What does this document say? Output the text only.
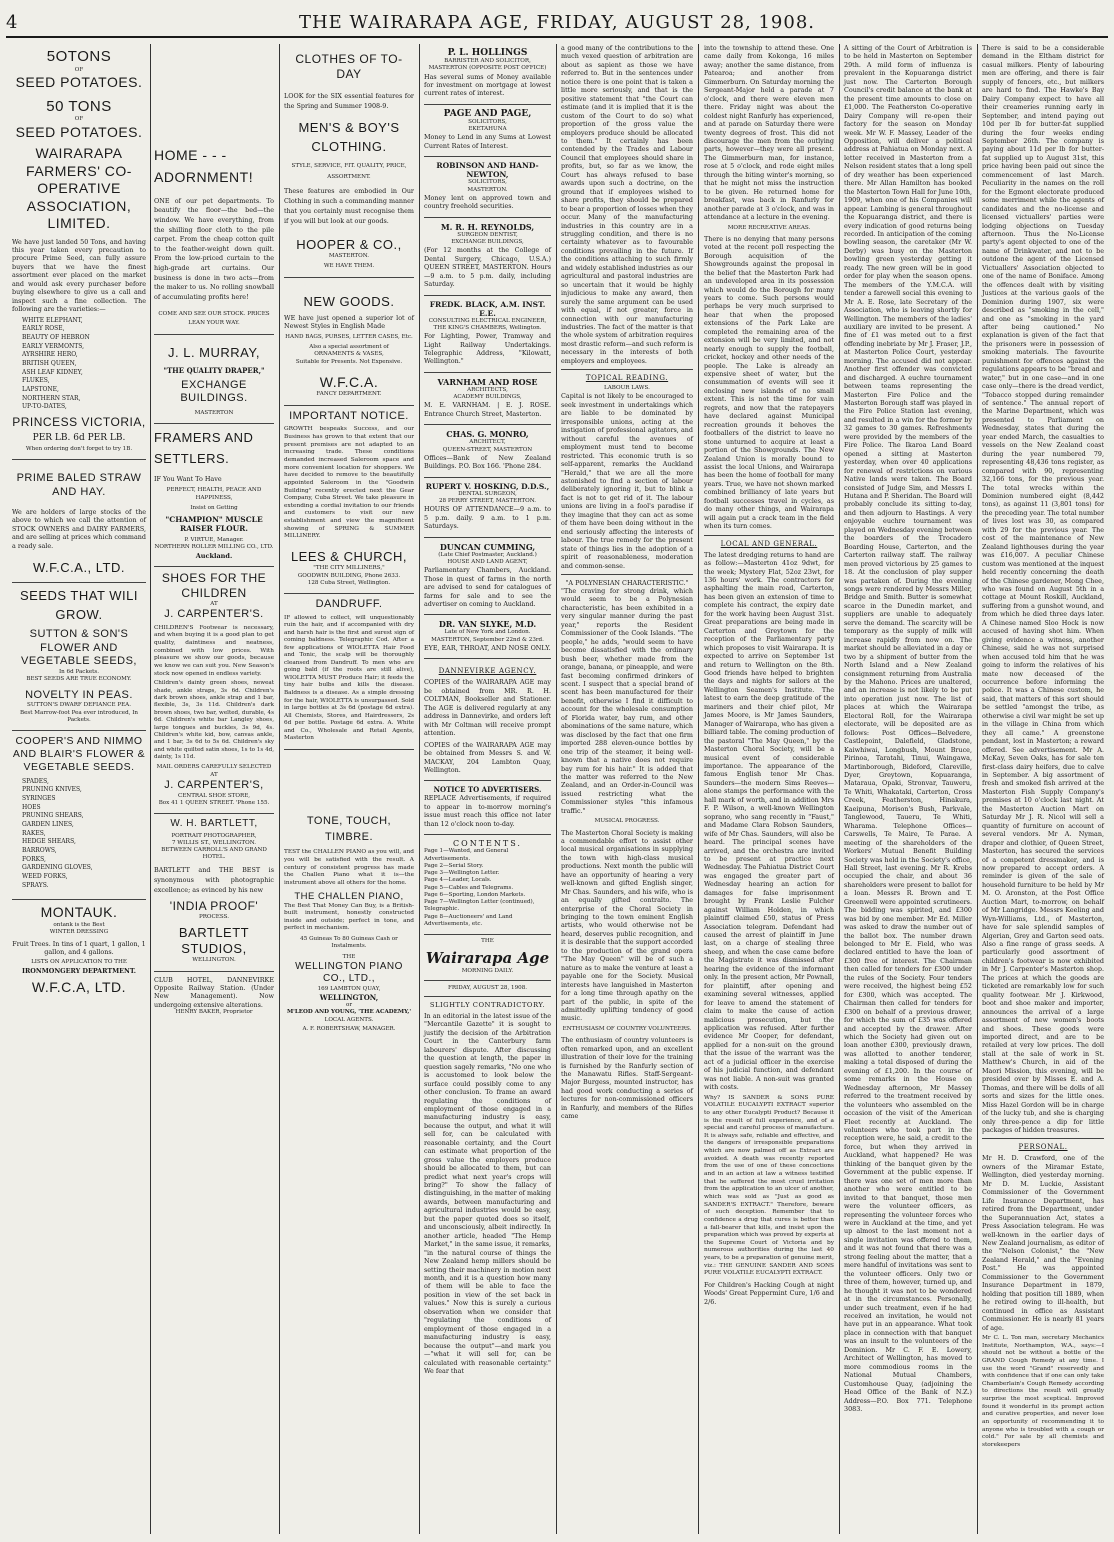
4	THE WAIRARAPA AGE, FRIDAY, AUGUST 28, 1908.
5OTONS
OF
SEED POTATOES.
50 TONS
OF
SEED POTATOES.
WAIRARAPA FARMERS' CO-OPERATIVE ASSOCIATION, LIMITED.
We have just landed 50 Tons, and having this year taken every precaution to procure Prime Seed, can fully assure buyers that we have the finest assortment ever placed on the market and would ask every purchaser before buying elsewhere to give us a call and inspect such a fine collection. The following are the varieties:—
WHITE ELEPHANT,
EARLY ROSE,
BEAUTY OF HEBRON
EARLY VERMONTS,
AYRSHIRE HERO,
BRITISH QUEEN,
ASH LEAF KIDNEY,
FLUKES,
LAPSTONE,
NORTHERN STAR,
UP-TO-DATES,
PRINCESS VICTORIA,
PER LB. 6d PER LB.
When ordering don't forget to try 1B.
PRIME BALED STRAW AND HAY.
We are holders of large stocks of the above to which we call the attention of STOCK OWNERS and DAIRY FARMERS, and are selling at prices which command a ready sale.
W.F.C.A., LTD.
SEEDS THAT WILI GROW.
SUTTON & SON'S FLOWER AND VEGETABLE SEEDS,
In 6d Packets.
BEST SEEDS ARE TRUE ECONOMY.
NOVELTY IN PEAS.
SUTTON'S DWARF DEFIANCE PEA.
Best Marrow-foot Pea ever introduced, In Packets.
COOPER'S AND NIMMO AND BLAIR'S FLOWER & VEGETABLE SEEDS.
SPADES,
PRUNING KNIVES,
SYRINGES
HOES
PRUNING SHEARS,
GARDEN LINES,
RAKES,
HEDGE SHEARS,
BARROWS,
FORKS,
GARDENING GLOVES,
WEED FORKS,
SPRAYS.
MONTAUK.
ontank is the Best
WINTER DRESSING
Fruit Trees. In tins of 1 quart, 1 gallon, 1 gallon, and 4 gallons.
LISTS ON APPLICATION TO THE
IRONMONGERY DEPARTMENT.
W.F.C.A, LTD.
HOME - - - ADORNMENT!
ONE of our pet departments. To beautify the floor—the bed—the window. We have everything, from the shilling floor cloth to the pile carpet. From the cheap cotton quilt to the feather-weight down quilt. From the low-priced curtain to the high-grade art curtains. Our business is done in two acts—from the maker to us. No rolling snowball of accumulating profits here!
COME AND SEE OUR STOCK. PRICES LEAN YOUR WAY.
J. L. MURRAY,
"THE QUALITY DRAPER,"
EXCHANGE BUILDINGS.
MASTERTON
FRAMERS AND SETTLERS.
IF You Want To Have
PERFECT, HEALTH, PEACE AND HAPPINESS,
Insist on Getting
"CHAMPION" MUSCLE RAISER FLOUR.
P. VIRTUE, Manager.
NORTHERN ROLLER MILLING CO., LTD.
Auckland.
SHOES FOR THE CHILDREN
AT
J. CARPENTER'S.
CHILDREN'S Footwear is necessary, and when buying it is a good plan to get quality, daintiness and neatness, combined with low prices. With pleasure we show our goods, because we know we can suit you. New Season's stock now opened in endless variety.
Children's dainty green shoes, neweat shade, ankle straps, 3s 6d. Children's dark brown shoes, ankle strap and 1 bar, flexible, 3s, 3s 11d. Children's dark brown shoes, two bar, welted, durable, 4s 6d. Children's white bar Langley shoes, large tongues and buckles, 3s 9d, 4s. Children's white kid, bow, canvas ankle, and 1 bar, 3s 6d to 5s 6d. Children's sky and white quilted satin shoes, 1s to 1s 4d, dainty, 1s 11d.
MAIL ORDERS CAREFULLY SELECTED AT
J. CARPENTER'S,
CENTRAL SHOE STORE,
Box 41 1 QUEEN STREET. 'Phone 155.
W. H. BARTLETT,
PORTRAIT PHOTOGRAPHER,
7 WILLIS ST., WELLINGTON.
BETWEEN CARROLL'S AND GRAND HOTEL.
BARTLETT and THE BEST is synonymous with photographic excellence; as evinced by his new
'INDIA PROOF'
PROCESS.
BARTLETT STUDIOS,
WELLINGTON.
CLUB HOTEL, DANNEVIRKE Opposite Railway Station. (Under New Management). Now undergoing extensive alterations.
HENRY BAKER, Proprietor
CLOTHES OF TO-DAY
LOOK for the SIX essential features for the Spring and Summer 1908-9.
MEN'S & BOY'S CLOTHING.
STYLE, SERVICE, FIT. QUALITY, PRICE, ASSORTMENT.
These features are embodied in Our Clothing in such a commanding manner that you certainly must recognise them if you will but look at our goods.
HOOPER & CO.,
MASTERTON.
WE HAVE THEM.
NEW GOODS.
WE have just opened a superior lot of Newest Styles in English Made
HAND BAGS, PURSES, LETTER CASES, Etc.
Also a special assortment of
ORNAMENTS & VASES,
Suitable for Presents. Not Expensive.
W.F.C.A.
FANCY DEPARTMENT.
IMPORTANT NOTICE.
GROWTH bespeaks Success, and our Business has grown to that extent that our present premises are not adapted to an increasing trade. These conditions demanded increased Saleroom space and more convenient location for shoppers. We have decided to remove to the beautifully appointed Saleroom in the "Goodwin Building" recently erected next the Gear Company, Cuba Street. We take pleasure in extending a cordial invitation to our friends and customers to visit our new establishment and view the magnificent showing of SPRING & SUMMER MILLINERY.
LEES & CHURCH,
"THE CITY MILLINERS,"
GOODWIN BUILDING, Phone 2633.
128 Cuba Street, Wellington.
DANDRUFF.
IF allowed to collect, will unquestionably ruin the hair, and if accompanied with dry and harsh hair is the first and surest sign of coming baldness. Telegraphic Cod. After a few applications of WIOLETTA Hair Food and Tonic, the scalp will be thoroughly cleansed from Dandruff. To men who are going bald (if the roots are still alive), WIOLETTA MUST Produce Hair; it feeds the tiny hair bulbs and kills the disease. Baldness is a disease. As a simple dressing for the hair, WIOLETTA is unsurpassed. Sold in large bottles at 3s 6d (postage 6d extra). All Chemists, Stores, and Hairdressers, 2s 6d per bottle. Postage 6d extra. A. White and Co., Wholesale and Retail Agents, Masterton
TONE, TOUCH, TIMBRE.
TEST the CHALLEN PIANO as you will, and you will be satisfied with the result. A century of consistent progress has made the Challen Piano what it is—the instrument above all others for the home.
THE CHALLEN PIANO,
The Best That Money Can Buy, is a British-built instrument, honestly constructed inside and outside; perfect in tone, and perfect in mechanism.
45 Guineas To 80 Guineas Cash or Instalments.
THE
WELLINGTON PIANO CO., LTD.,
169 LAMBTON QUAY,
WELLINGTON,
or
M'LEOD AND YOUNG, 'THE ACADEMY,'
LOCAL AGENTS.
A. F. ROBERTSHAW, MANAGER.
P. L. HOLLINGS
BARRISTER AND SOLICITOR,
MASTERTON (OPPOSITE POST OFFICE)
Has several sums of Money available for investment on mortgage at lowest current rates of interest.
PAGE AND PAGE,
SOLICITORS,
EKETAHUNA
Money to Lend in any Sums at Lowest Current Rates of Interest.
ROBINSON AND HAND-NEWTON,
SOLICITORS,
MASTERTON.
Money lent on approved town and country freehold securities.
M. R. H. REYNOLDS,
SURGEON DENTIST,
EXCHANGE BUILDINGS,
(For 12 months at the College of Dental Surgery, Chicago, U.S.A.) QUEEN STREET, MASTERTON. Hours—9 a.m. to 5 p.m. daily, including Saturday.
FREDK. BLACK, A.M. INST. E.E.
CONSULTING ELECTRICAL ENGINEER,
THE KING'S CHAMBERS, Wellington.
For Lighting, Power, Tramway and Light Railway Undertakings. Telegraphic Address, "Kilowatt, Wellington."
VARNHAM AND ROSE
ARCHITECTS,
ACADEMY BUILDINGS,
M. E. VARNHAM. | E. J. ROSE. Entrance Church Street, Masterton.
CHAS. G. MONRO,
ARCHITECT,
QUEEN-STREET, MASTERTON
Offices—Bank of New Zealand Buildings. P.O. Box 166. 'Phone 284.
RUPERT V. HOSKING, D.D.S.,
DENTAL SURGEON,
28 PERRY STREET, MASTERTON.
HOURS OF ATTENDANCE—9 a.m. to 5 p.m. daily. 9 a.m. to 1 p.m. Saturdays.
DUNCAN CUMMING,
(Late Chief Postmaster, Auckland.)
HOUSE AND LAND AGENT,
Parliamentary Chambers, Auckland. Those in quest of farms in the north are advised to send for catalogues of farms for sale and to see the advertiser on coming to Auckland.
DR. VAN SLYKE, M.D.
Late of New York and London.
MASTERTON, September 22nd & 23rd.
EYE, EAR, THROAT, AND NOSE ONLY.
DANNEVIRKE AGENCY.
COPIES of the WAIRARAPA AGE may be obtained from MR. R. H. COLTMAN, Bookseller and Stationer. The AGE is delivered regularly at any address in Dannevirke, and orders left with Mr Coltman will receive prompt attention.
COPIES of the WAIRARAPA AGE may be obtained from Messrs S. and W. MACKAY, 204 Lambton Quay, Wellington.
NOTICE TO ADVERTISERS.
REPLACE Advertisements, if required to appear in to-morrow morning's issue must reach this office not later than 12 o'clock noon to-day.
CONTENTS.
Page 1—Wanted, and General Advertisements.
Page 2—Serial Story.
Page 3—Wellington Letter.
Page 4—Leader, Locals.
Page 5—Cables and Telegrams.
Page 6—Sporting, London Markets.
Page 7—Wellington Letter (continued), Telegraphic.
Page 8—Auctioneers' and Land Advertisements, etc.
THE
Wairarapa Age
MORNING DAILY.
FRIDAY, AUGUST 28, 1908.
SLIGHTLY CONTRADICTORY.
In an editorial in the latest issue of the "Mercantile Gazette" it is sought to justify the decision of the Arbitration Court in the Canterbury farm labourers' dispute. After discussing the question at length, the paper in question sagely remarks, "No one who is accustomed to look below the surface could possibly come to any other conclusion. To frame an award regulating the conditions of employment of those engaged in a manufacturing industry is easy, because the output, and what it will sell for, can be calculated with reasonable certainty, and the Court can estimate what proportion of the gross value the employers produce should be allocated to them, but can predict what next year's crops will bring?" To show the fallacy of distinguishing, in the matter of making awards, between manufacturing and agricultural industries would be easy, but the paper quoted does so itself, and unconsciously, albeit indirectly. In another article, headed "The Hemp Market," in the same issue, it remarks, "in the natural course of things the New Zealand hemp millers should be setting their machinery in motion next month, and it is a question how many of them will be able to face the position in view of the set back in values." Now this is surely a curious observation when we consider that "regulating the conditions of employment of those engaged in a manufacturing industry is easy, because the output"—and mark you—"what it will sell for, can be calculated with reasonable certainty." We fear that

a good many of the contributions to the much vexed question of arbitration are about as sapient as those we have referred to. But in the sentences under notice there is one point that is taken a little more seriously, and that is the positive statement that "the Court can estimate (and it is implied that it is the custom of the Court to do so) what proportion of the gross value the employers produce should be allocated to them." It certainly has been contended by the Trades and Labour Council that employees should share in profits, but, so far as we know, the Court has always refused to base awards upon such a doctrine, on the ground that if employees wished to share profits, they should be prepared to bear a proportion of losses when they occur. Many of the manufacturing industries in this country are in a struggling condition, and there is no certainty whatever as to favourable conditions prevailing in the future. If the conditions attaching to such firmly and widely established industries as our agricultural and pastoral industries are so uncertain that it would be highly injudicious to make any award, then surely the same argument can be used with equal, if not greater, force in connection with our manufacturing industries. The fact of the matter is that the whole system of arbitration requires most drastic reform—and such reform is necessary in the interests of both employers and employees.

TOPICAL READING.
LABOUR LAWS.

Capital is not likely to be encouraged to seek investment in undertakings which are liable to be dominated by irresponsible unions, acting at the instigation of professional agitators, and without careful the avenues of employment must tend to become restricted. This economic truth is so self-apparent, remarks the Auckland "Herald," that we are all the more astonished to find a section of labour deliberately ignoring it, but to blink a fact is not to get rid of it. The labour unions are living in a fool's paradise if they imagine that they can act as some of them have been doing without in the end seriously affecting the interests of labour. The true remedy for the present state of things lies in the adoption of a spirit of reasonableness, moderation and common-sense.

"A POLYNESIAN CHARACTERISTIC."

"The craving for strong drink, which would seem to be a Polynesian characteristic, has been exhibited in a very singular manner during the past year," reports the Resident Commissioner of the Cook Islands. "The people," he adds, "would seem to have become dissatisfied with the ordinary bush beer, whether made from the orange, banana, or pineapple, and were fast becoming confirmed drinkers of scent. I suspect that a special brand of scent has been manufactured for their benefit, otherwise I find it difficult to account for the wholesale consumption of Florida water, bay rum, and other abominations of the same nature, which was disclosed by the fact that one firm imported 288 eleven-ounce bottles by one trip of the steamer, it being well-known that a native does not require bay rum for his hair." It is added that the matter was referred to the New Zealand, and an Order-in-Council was issued restricting what the Commissioner styles "this infamous traffic."

MUSICAL PROGRESS.

The Masterton Choral Society is making a commendable effort to assist other local musical organisations in supplying the town with high-class musical productions. Next month the public will have an opportunity of hearing a very well-known and gifted English singer, Mr Chas. Saunders, and his wife, who is an equally gifted contralto. The enterprise of the Choral Society in bringing to the town eminent English artists, who would otherwise not be heard, deserves public recognition, and it is desirable that the support accorded to the production of the grand opera "The May Queen" will be of such a nature as to make the venture at least a payable one for the Society. Musical interests have languished in Masterton for a long time through apathy on the part of the public, in spite of the admittedly uplifting tendency of good music.

ENTHUSIASM OF COUNTRY VOLUNTEERS.

The enthusiasm of country volunteers is often remarked upon, and an excellent illustration of their love for the training is furnished by the Ranfurly section of the Manawatu Rifles. Staff-Sergeant-Major Burgess, mounted instructor, has had good work conducting a series of lectures for non-commissioned officers in Ranfurly, and members of the Rifles came

into the township to attend these. One came daily from Kokonga, 16 miles away; another the same distance, from Patearoa; and another from Gimmerburn. On Saturday morning the Sergeant-Major held a parade at 7 o'clock, and there were eleven men there. Friday night was about the coldest night Ranfurly has experienced, and at parade on Saturday there were twenty degrees of frost. This did not discourage the men from the outlying parts, however—they were all present. The Gimmerburn man, for instance, rose at 5 o'clock, and rode eight miles through the biting winter's morning, so that he might not miss the instruction to be given. He returned home for breakfast, was back in Ranfurly for another parade at 3 o'clock, and was in attendance at a lecture in the evening.

MORE RECREATIVE AREAS.

There is no denying that many persons voted at the recent poll respecting the Borough acquisition of the Showgrounds against the proposal in the belief that the Masterton Park had an undeveloped area in its possession which would do the Borough for many years to come. Such persons would perhaps be very much surprised to hear that when the proposed extensions of the Park Lake are completed the remaining area of the extension will be very limited, and not nearly enough to supply the football, cricket, hockey and other needs of the people. The Lake is already an expensive sheet of water, but the consummation of events will see it enclosing new islands of no small extent. This is not the time for vain regrets, and now that the ratepayers have declared against Municipal recreation grounds it behoves the footballers of the district to leave no stone unturned to acquire at least a portion of the Showgrounds. The New Zealand Union is morally bound to assist the local Unions, and Wairarapa has been the home of football for many years. True, we have not shown marked combined brilliancy of late years but football successes travel in cycles, as do many other things, and Wairarapa will again put a crack team in the field when its turn comes.

LOCAL AND GENERAL.

The latest dredging returns to hand are as follow:—Masterton 41oz 9dwt, for the week; Mystery Flat, 52oz 23wt, for 136 hours' work. The contractors for asphalting the main road, Carterton, has been given an extension of time to complete his contract, the expiry date for the work having been August 31st. Great preparations are being made in Carterton and Greytown for the reception of the Parliamentary party which proposes to visit Wairarapa. It is expected to arrive on September 1st and return to Wellington on the 8th. Good friends have helped to brighten the days and nights for sailors at the Wellington Seamen's Institute. The latest to earn the deep gratitude of the mariners and their chief pilot, Mr James Moore, is Mr James Saunders, Manager of Wairarapa, who has given a billiard table. The coming production of the pastoral "The May Queen," by the Masterton Choral Society, will be a musical event of considerable importance. The appearance of the famous English tenor Mr Chas. Saunders—the modern Sims Reeves—alone stamps the performance with the hall mark of worth, and in addition Mrs F. P. Wilson, a well-known Wellington soprano, who sang recently in "Faust," and Madame Clara Robson Saunders, wife of Mr Chas. Saunders, will also be heard. The principal scenes have arrived, and the orchestra are invited to be present at practice next Wednesday. The Pahiatua District Court was engaged the greater part of Wednesday hearing an action for damages for false imprisonment brought by Frank Leslie Fulcher against William Holden, in which plaintiff claimed £50, status of Press Association telegram. Defendant had caused the arrest of plaintiff in June last, on a charge of stealing three sheep, and when the case came before the Magistrate it was dismissed after hearing the evidence of the informant only. In the present action, Mr Pownall, for plaintiff, after opening and examining several witnesses, applied for leave to amend the statement of claim to make the cause of action malicious prosecution, but the application was refused. After further evidence Mr Cooper, for defendant, applied for a non-suit on the ground that the issue of the warrant was the act of a judicial officer in the exercise of his judicial function, and defendant was not liable. A non-suit was granted with costs.

Why? IS SANDER & SONS PURE VOLATILE EUCALYPTI EXTRACT superior to any other Eucalypti Product? Because it is the result of full experience, and of a special and careful process of manufacture. It is always safe, reliable and effective, and the dangers of irresponsible preparations which are now palmed off as Extract are avoided. A death was recently reported from the use of one of these concoctions and in an action at law a witness testified that he suffered the most cruel irritation from the application to an ulcer of another, which was sold as "Just as good as SANDER'S EXTRACT." Therefore, beware of such deception. Remember that to confidence a drug that cures is better than a fall-bearer that kills, and insist upon the preparation which was proved by experts at the Supreme Court of Victoria and by numerous authorities during the last 40 years, to be a preparation of genuine merit, viz.: THE GENUINE SANDER AND SONS PURE VOLATILE EUCALYPTI EXTRACT.

For Children's Hacking Cough at night Woods' Great Peppermint Cure, 1/6 and 2/6.

A sitting of the Court of Arbitration is to be held in Masterton on September 29th. A mild form of influenza is prevalent in the Kopuaranga district just now. The Carterton Borough Council's credit balance at the bank at the present time amounts to close on £1,000. The Featherston Co-operative Dairy Company will re-open their factory for the season on Monday week. Mr W. F. Massey, Leader of the Opposition, will deliver a political address at Pahiatua on Monday next. A letter received in Masterton from a Nelson resident states that a long spell of dry weather has been experienced there. Mr Allan Hamilton has booked the Masterton Town Hall for June 10th, 1909, when one of his Companies will appear. Lambing is general throughout the Kopuaranga district, and there is every indication of good returns being recorded. In anticipation of the coming bowling season, the caretaker (Mr W. Derby) was busy on the Masterton bowling green yesterday getting it ready. The new green will be in good order for play when the season opens. The members of the Y.M.C.A. will tender a farewell social this evening to Mr A. E. Rose, late Secretary of the Association, who is leaving shortly for Wellington. The members of the ladies' auxiliary are invited to be present. A fine of £1 was meted out to a first offending inebriate by Mr J. Fraser, J.P., at Masterton Police Court, yesterday morning. The accused did not appear. Another first offender was convicted and discharged. A euchre tournament between teams representing the Masterton Fire Police and the Masterton Borough staff was played in the Fire Police Station last evening, and resulted in a win for the former by 32 games to 30 games. Refreshments were provided by the members of the Fire Police. The Ikaroa Land Board opened a sitting at Masterton yesterday, when over 40 applications for renewal of restrictions on various Native lands were taken. The Board consisted of Judge Sim, and Messrs I. Hutana and P. Sheridan. The Board will probably conclude its sitting to-day, and then adjourn to Hastings. A very enjoyable euchre tournament was played on Wednesday evening between the boarders of the Trocadero Boarding House, Carterton, and the Carterton railway staff. The railway men proved victorious by 25 games to 18. At the conclusion of play supper was partaken of. During the evening songs were rendered by Messrs Miller, Bridge and Smith. Butter is somewhat scarce in the Dunedin market, and suppliers are unable to adequately serve the demand. The scarcity will be temporary as the supply of milk will increase rapidly from now on. The market should be alleviated in a day or two by a shipment of butter from the North Island and a New Zealand consignment returning from Australia by the Mahono. Prices are unaltered, and an increase is not likely to be put into operation just now. The list of places at which the Wairarapa Electoral Roll, for the Wairarapa electorate, will be deposited are as follows: Post Offices—Belvedere, Castlepoint, Dalefield, Gladstone, Kaiwhiwai, Longbush, Mount Bruce, Pirinoa, Taratahi, Tinui, Waingawa, Martinborough, Bideford, Clareville, Dyer, Greytown, Kopuaranga, Mataraua, Opaki, Stronvar, Tauweru, Te Whiti, Whakataki, Carterton, Cross Creek, Featherston, Hinakura, Kaeipuna, Morison's Bush, Parkvale, Tanglewood, Taueru, Te Whiti, Wharama. Telephone Offices—Carswells, Te Maire, Te Parae. A meeting of the shareholders of the Workers' Mutual Benefit Building Society was held in the Society's office, Hall Street, last evening. Mr R. Krebs occupied the chair, and about 36 shareholders were present to ballot for a loan. Messrs R. Brown and T. Greenwell were appointed scrutineers. The bidding was spirited, and £300 was bid by one member. Mr Ed. Miller was asked to draw the number out of the ballot box. The number drawn belonged to Mr E. Field, who was declared entitled to have the loan of £300 free of interest. The Chairman then called for tenders for £300 under the rules of the Society. Four tenders were received, the highest being £52 for £300, which was accepted. The Chairman then called for tenders for £300 on behalf of a previous drawer, for which the sum of £35 was offered and accepted by the drawer. After which the Society had given out on loan another £300, previously drawn, was allotted to another tenderer, making a total disposed of during the evening of £1,200. In the course of some remarks in the House on Wednesday afternoon, Mr Massey referred to the treatment received by the volunteers who assembled on the occasion of the visit of the American Fleet recently at Auckland. The volunteers who took part in the reception were, he said, a credit to the force, but when they arrived in Auckland, what happened? He was thinking of the banquet given by the Government at the public expense. If there was one set of men more than another who were entitled to be invited to that banquet, those men were the volunteer officers, as representing the volunteer forces who were in Auckland at the time, and yet up almost to the last moment not a single invitation was offered to them, and it was not found that there was a strong feeling about the matter, that a mere handful of invitations was sent to the volunteer officers. Only two or three of them, however, turned up, and he thought it was not to be wondered at in the circumstances. Personally, under such treatment, even if he had received an invitation, he would not have put in an appearance. What took place in connection with that banquet was an insult to the volunteers of the Dominion. Mr C. F. E. Lowery, Architect of Wellington, has moved to more commodious rooms in the National Mutual Chambers, Customhouse Quay, (adjoining the Head Office of the Bank of N.Z.) Address—P.O. Box 771. Telephone 3083.

There is said to be a considerable demand in the Eltham district for casual milkers. Plenty of labouring men are offering, and there is fair supply of fencers, etc., but milkers are hard to find. The Hawke's Bay Dairy Company expect to have all their creameries running early in September, and intend paying out 10d per lb for butter-fat supplied during the four weeks ending September 26th. The company is paying about 11d per lb for butter-fat supplied up to August 31st, this price having been paid out since the commencement of last March. Peculiarity in the names on the roll for the Egmont electorate produced some merriment while the agents of candidates and the no-license and licensed victuallers' parties were lodging objections on Tuesday afternoon. Thus the No-License party's agent objected to one of the name of Drinkwater, and not to be outdone the agent of the Licensed Victuallers' Association objected to one of the name of Boniface. Among the offences dealt with by visiting Justices at the various gaols of the Dominion during 1907, six were described as "smoking in the cell," and one as "smoking in the yard after being cautioned." No explanation is given of the fact that the prisoners were in possession of smoking materials. The favourite punishment for offences against the regulations appears to be "bread and water," but in one case—and in one case only—there is the dread verdict, "Tobacco stopped during remainder of sentence." The annual report of the Marine Department, which was presented to Parliament on Wednesday, states that during the year ended March, the casualties to vessels on the New Zealand coast during the year numbered 79, representing 48,436 tons register, as compared with 90, representing 32,166 tons, for the previous year. The total wrecks within the Dominion numbered eight (8,442 tons), as against 11 (3,801 tons) for the preceding year. The total number of lives lost was 30, as compared with 29 for the previous year. The cost of the maintenance of New Zealand lighthouses during the year was £16,007. A peculiar Chinese custom was mentioned at the inquest held recently concerning the death of the Chinese gardener, Mong Chee, who was found on August 5th in a cottage at Mount Roskill, Auckland, suffering from a gunshot wound, and from which he died three days later. A Chinese named Sloo Hock is now accused of having shot him. When giving evidence a witness, another Chinese, said he was not surprised when accused told him that he was going to inform the relatives of his mate now deceased of the occurrence before informing the police. It was a Chinese custom, he said, that matters of this sort should be settled "amongst the tribe, as otherwise a civil war might be set up in the village in China from which they all came." A greenstone pendant, lost in Masterton; a reward offered. See advertisement. Mr A. McKay, Seven Oaks, has for sale ten first-class dairy heifers, due to calve in September. A big assortment of fresh and smoked fish arrived at the Masterton Fish Supply Company's premises at 10 o'clock last night. At the Masterton Auction Mart on Saturday Mr J. R. Nicol will sell a quantity of furniture on account of several vendors. Mr A. Nyman, draper and clothier, of Queen Street, Masterton, has secured the services of a competent dressmaker, and is now prepared to accept orders. A reminder is given of the sale of household furniture to be held by Mr M. O. Aronston, at the Post Office Auction Mart, to-morrow, on behalf of Mr Langridge. Messrs Keeling and Wyn-Williams, Ltd., of Masterton, have for sale splendid samples of Algerian, Grey and Garton seed oats. Also a fine range of grass seeds. A particularly good assortment of children's footwear is now exhibited in Mr J. Carpenter's Masterton shop. The prices at which the goods are ticketed are remarkably low for such quality footwear. Mr J. Kirkwood, boot and shoe maker and importer, announces the arrival of a large assortment of new women's boots and shoes. These goods were imported direct, and are to be retailed at very low prices. The doll stall at the sale of work in St. Matthew's Church, in aid of the Maori Mission, this evening, will be presided over by Misses E. and A. Thomas, and there will be dolls of all sorts and sizes for the little ones. Miss Hazel Gordon will be in charge of the lucky tub, and she is charging only three-pence a dip for little packages of hidden treasures.

PERSONAL.

Mr H. D. Crawford, one of the owners of the Miramar Estate, Wellington, died yesterday morning. Mr D. M. Luckie, Assistant Commissioner of the Government Life Insurance Department, has retired from the Department, under the Superannuation Act, states a Press Association telegram. He was well-known in the earlier days of New Zealand journalism, as editor of the "Nelson Colonist," the "New Zealand Herald," and the "Evening Post." He was appointed Commissioner to the Government Insurance Department in 1879, holding that position till 1889, when he retired owing to ill-health, but continued in office as Assistant Commissioner. He is nearly 81 years of age.

Mr C. L. Ton man, secretary Mechanics Institute, Northampton, W.A., says:—I should not be without a bottle of the GRAND Cough Remedy at any time. I use the word "Grand" reservedly and with confidence that if one can only take Chamberlain's Cough Remedy according to directions the result will greatly surprise the most sceptical. Improved found it wonderful in its prompt action and curative properties, and never lose an opportunity of recommending it to anyone who is troubled with a cough or cold." For sale by all chemists and storekeepers
